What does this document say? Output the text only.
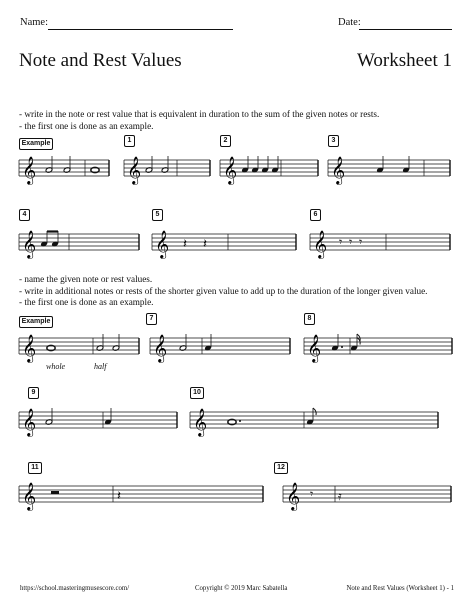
Name:	Date:
Note and Rest Values	Worksheet 1
- write in the note or rest value that is equivalent in duration to the sum of the given notes or rests.
- the first one is done as an example.
Example	1	2	3
4	5	6
𝄞	𝄞	𝄞	𝄞
𝄞	𝄞 𝄽 𝄽	𝄞 𝄾 𝄾 𝄾
- name the given note or rest values.
- write in additional notes or rests of the shorter given value to add up to the duration of the longer given value.
- the first one is done as an example.
Example	7	8
9	10
11	12
𝄞
whole	half
𝄞	𝄞
𝄞	𝄞
𝄞	𝄽	𝄞 𝄾 𝄿
https://school.masteringmusescore.com/	Copyright © 2019 Marc Sabatella	Note and Rest Values (Worksheet 1) - 1
